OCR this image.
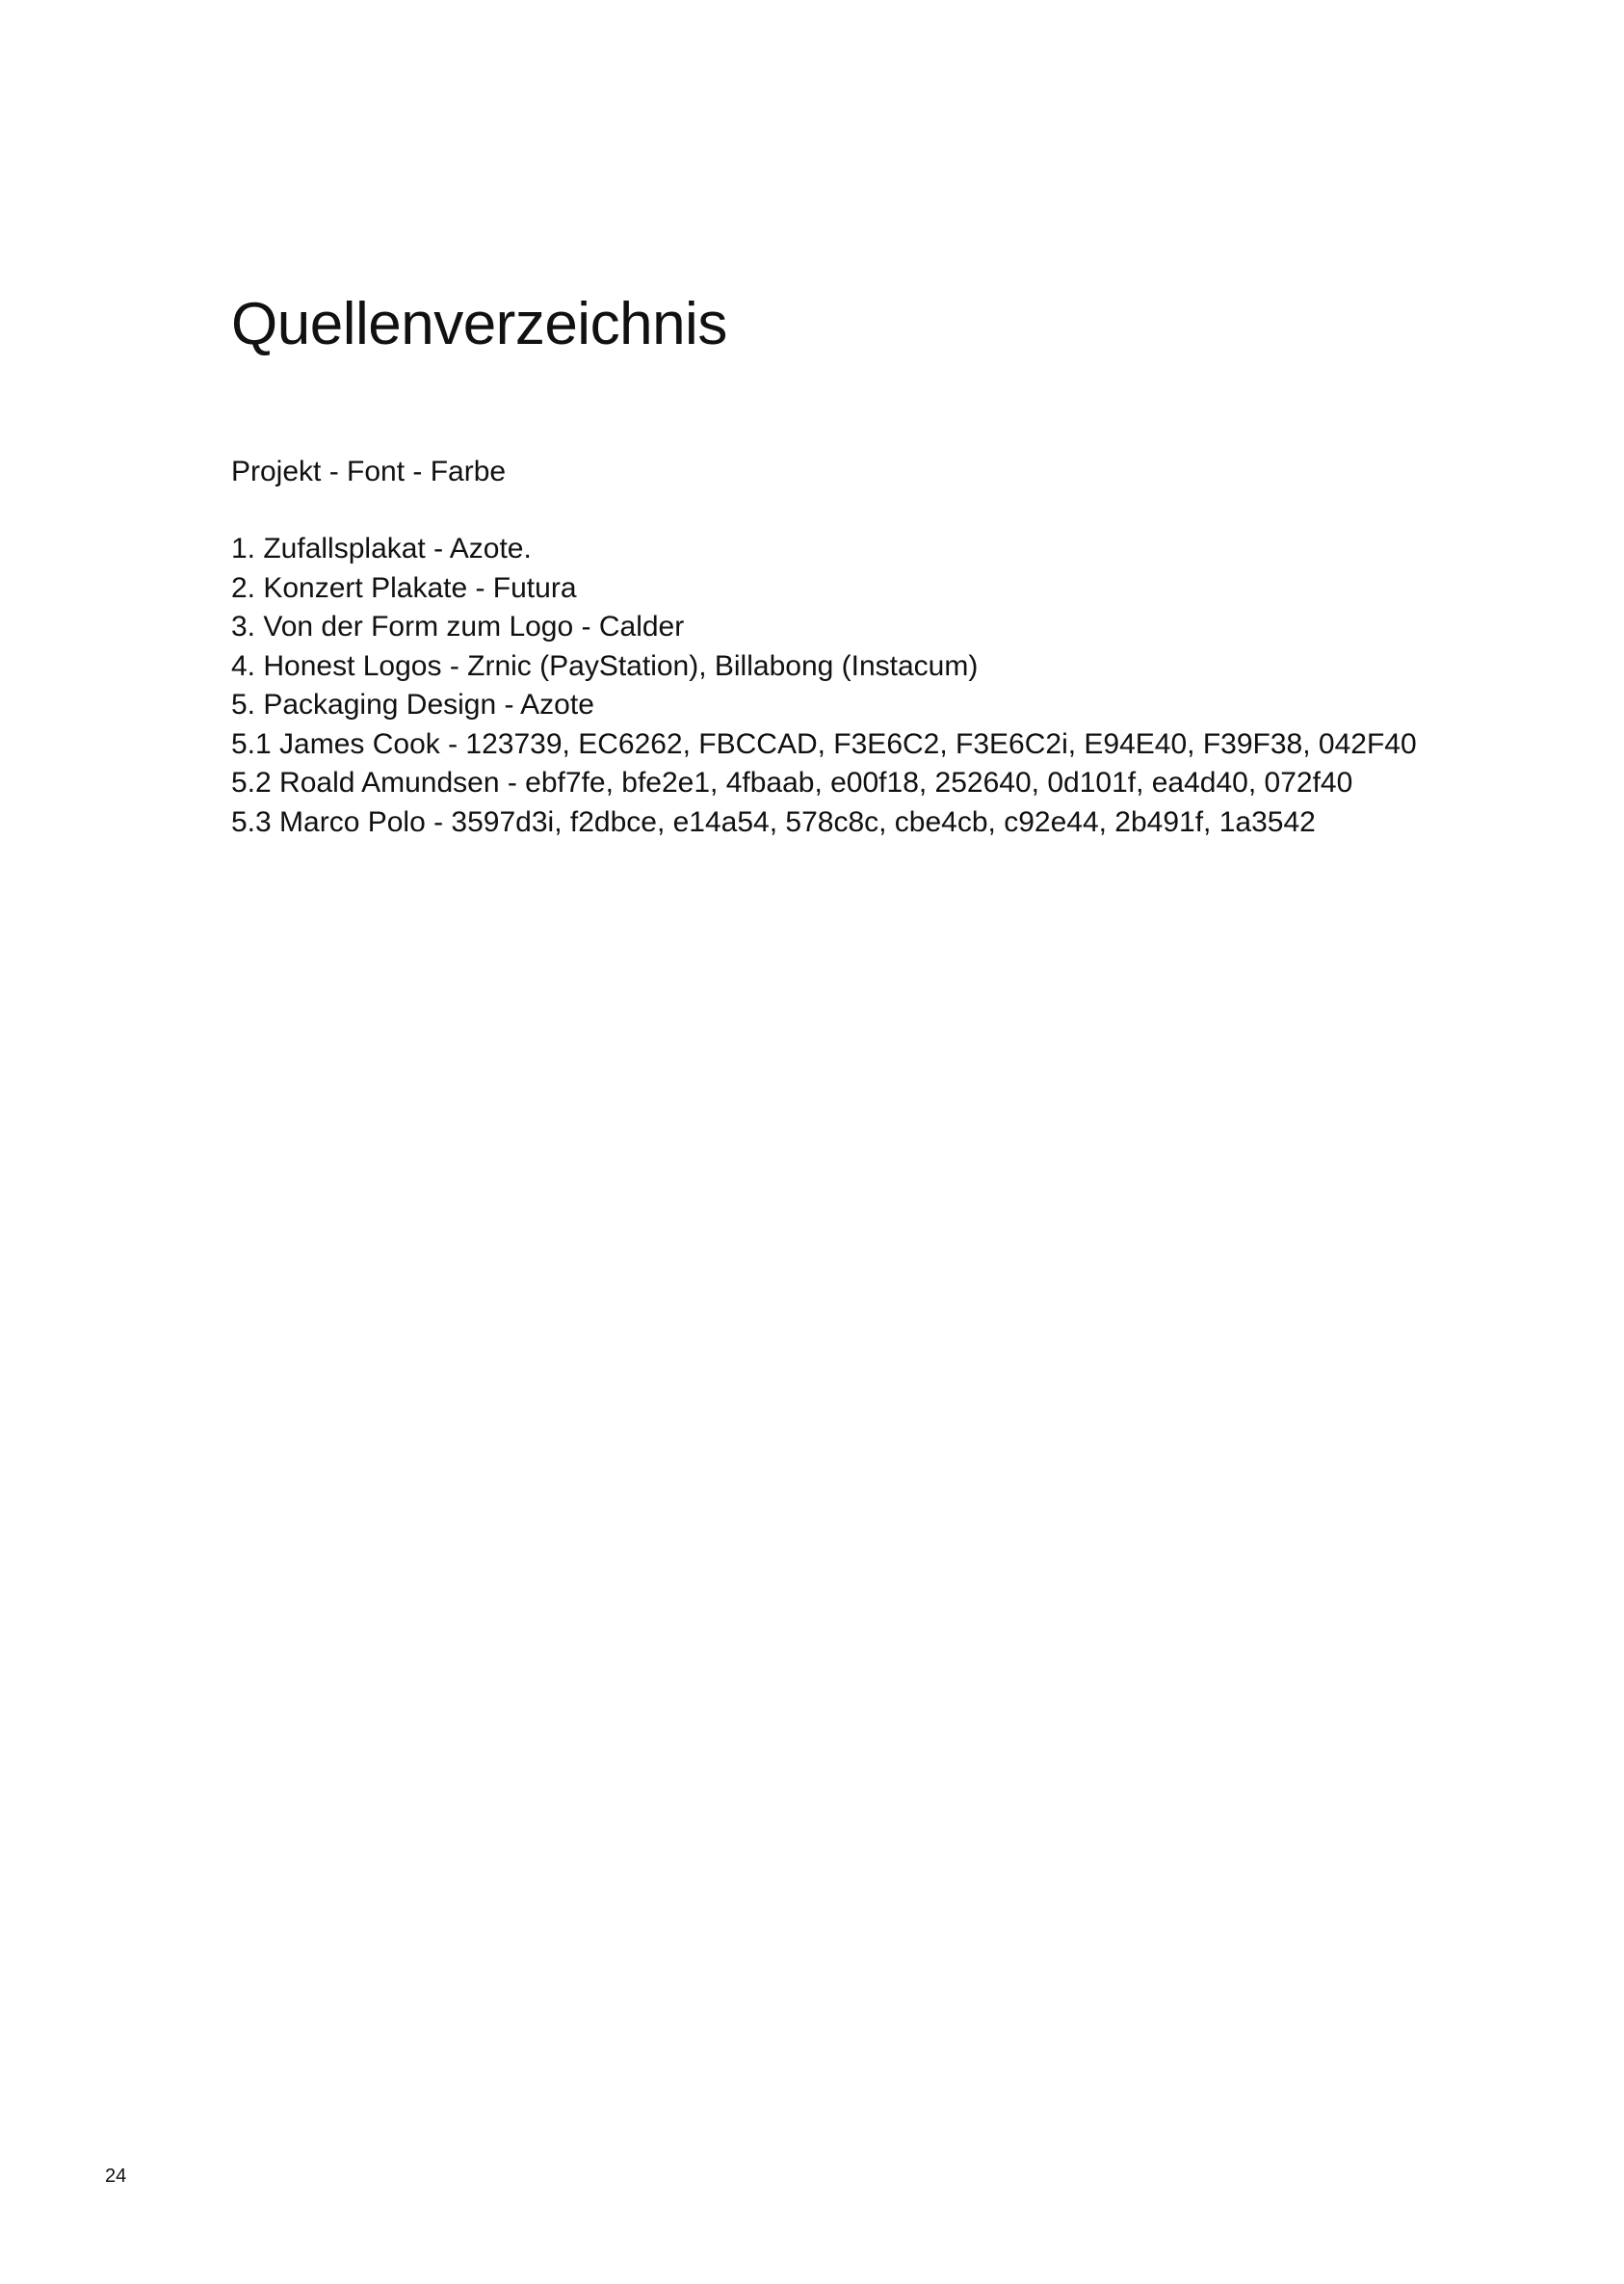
Quellenverzeichnis

Projekt - Font - Farbe

1. Zufallsplakat - Azote.
2. Konzert Plakate - Futura
3. Von der Form zum Logo - Calder
4. Honest Logos - Zrnic (PayStation), Billabong (Instacum)
5. Packaging Design - Azote
5.1 James Cook - 123739, EC6262, FBCCAD, F3E6C2, F3E6C2i, E94E40, F39F38, 042F40
5.2 Roald Amundsen - ebf7fe, bfe2e1, 4fbaab, e00f18, 252640, 0d101f, ea4d40, 072f40
5.3 Marco Polo - 3597d3i, f2dbce, e14a54, 578c8c, cbe4cb, c92e44, 2b491f, 1a3542
24
